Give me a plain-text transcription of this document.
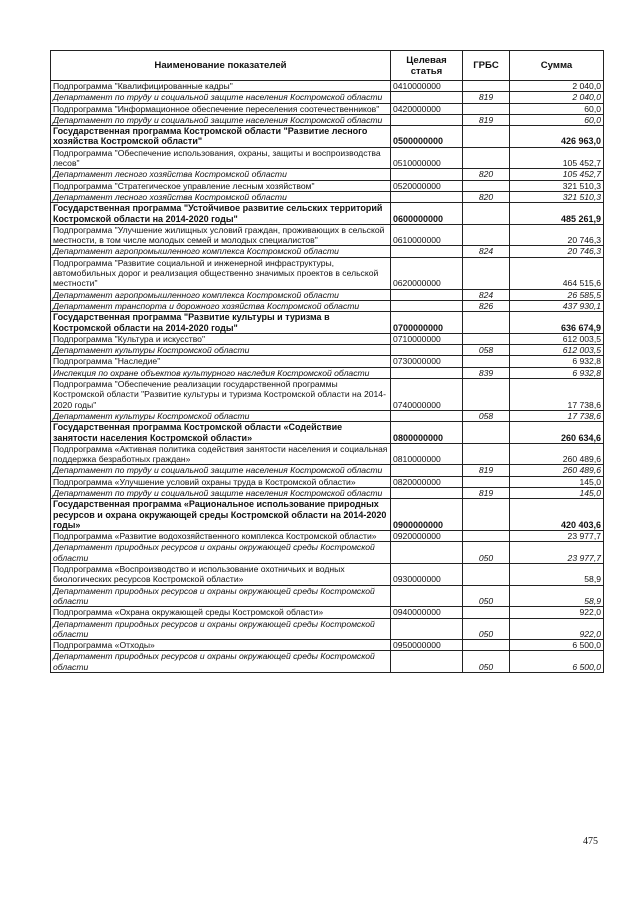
Наименование показателей	Целевая статья	ГРБС	Сумма
Подпрограмма "Квалифицированные кадры"	0410000000		2 040,0
Департамент по труду и социальной защите населения Костромской области		819	2 040,0
Подпрограмма "Информационное обеспечение переселения соотечественников"	0420000000		60,0
Департамент по труду и социальной защите населения Костромской области		819	60,0
Государственная программа Костромской области "Развитие лесного хозяйства Костромской области"	0500000000		426 963,0
Подпрограмма "Обеспечение использования, охраны, защиты и воспроизводства лесов"	0510000000		105 452,7
Департамент лесного хозяйства Костромской области		820	105 452,7
Подпрограмма "Стратегическое управление лесным хозяйством"	0520000000		321 510,3
Департамент лесного хозяйства Костромской области		820	321 510,3
Государственная программа "Устойчивое развитие сельских территорий Костромской области на 2014-2020 годы"	0600000000		485 261,9
Подпрограмма "Улучшение жилищных условий граждан, проживающих в сельской местности, в том числе молодых семей и молодых специалистов"	0610000000		20 746,3
Департамент агропромышленного комплекса Костромской области		824	20 746,3
Подпрограмма "Развитие социальной и инженерной инфраструктуры, автомобильных дорог и реализация общественно значимых проектов в сельской местности"	0620000000		464 515,6
Департамент агропромышленного комплекса Костромской области		824	26 585,5
Департамент транспорта и дорожного хозяйства Костромской области		826	437 930,1
Государственная программа "Развитие культуры и туризма в Костромской области на 2014-2020 годы"	0700000000		636 674,9
Подпрограмма "Культура и искусство"	0710000000		612 003,5
Департамент культуры Костромской области		058	612 003,5
Подпрограмма "Наследие"	0730000000		6 932,8
Инспекция по охране объектов культурного наследия Костромской области		839	6 932,8
Подпрограмма "Обеспечение реализации государственной программы Костромской области "Развитие культуры и туризма Костромской области на 2014-2020 годы"	0740000000		17 738,6
Департамент культуры Костромской области		058	17 738,6
Государственная программа Костромской области «Содействие занятости населения Костромской области»	0800000000		260 634,6
Подпрограмма «Активная политика содействия занятости населения и социальная поддержка безработных граждан»	0810000000		260 489,6
Департамент по труду и социальной защите населения Костромской области		819	260 489,6
Подпрограмма «Улучшение условий охраны труда в Костромской области»	0820000000		145,0
Департамент по труду и социальной защите населения Костромской области		819	145,0
Государственная программа «Рациональное использование природных ресурсов и охрана окружающей среды Костромской области на 2014-2020 годы»	0900000000		420 403,6
Подпрограмма «Развитие водохозяйственного комплекса Костромской области»	0920000000		23 977,7
Департамент природных ресурсов и охраны окружающей среды Костромской области		050	23 977,7
Подпрограмма «Воспроизводство и использование охотничьих и водных биологических ресурсов Костромской области»	0930000000		58,9
Департамент природных ресурсов и охраны окружающей среды Костромской области		050	58,9
Подпрограмма «Охрана окружающей среды Костромской области»	0940000000		922,0
Департамент природных ресурсов и охраны окружающей среды Костромской области		050	922,0
Подпрограмма «Отходы»	0950000000		6 500,0
Департамент природных ресурсов и охраны окружающей среды Костромской области		050	6 500,0
475
